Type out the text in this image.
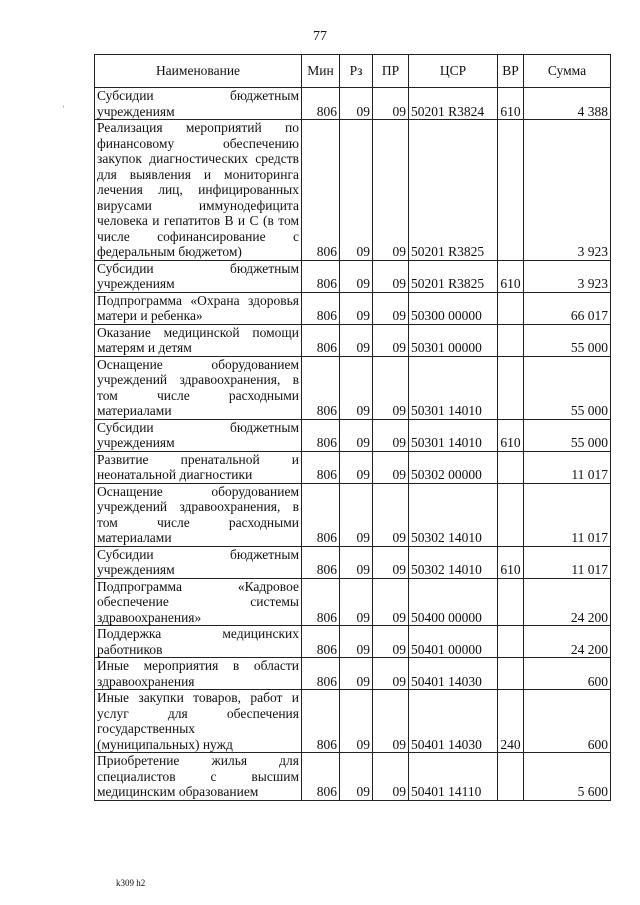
77
˒
Наименование	Мин	Рз	ПР	ЦСР	ВР	Сумма
Субсидии бюджетным учреждениям	806	09	09	50201 R3824	610	4 388
Реализация мероприятий по финансовому обеспечению закупок диагностических средств для выявления и мониторинга лечения лиц, инфицированных вирусами иммунодефицита человека и гепатитов В и С (в том числе софинансирование с федеральным бюджетом)	806	09	09	50201 R3825		3 923
Субсидии бюджетным учреждениям	806	09	09	50201 R3825	610	3 923
Подпрограмма «Охрана здоровья матери и ребенка»	806	09	09	50300 00000		66 017
Оказание медицинской помощи матерям и детям	806	09	09	50301 00000		55 000
Оснащение оборудованием учреждений здравоохранения, в том числе расходными материалами	806	09	09	50301 14010		55 000
Субсидии бюджетным учреждениям	806	09	09	50301 14010	610	55 000
Развитие пренатальной и неонатальной диагностики	806	09	09	50302 00000		11 017
Оснащение оборудованием учреждений здравоохранения, в том числе расходными материалами	806	09	09	50302 14010		11 017
Субсидии бюджетным учреждениям	806	09	09	50302 14010	610	11 017
Подпрограмма «Кадровое обеспечение системы здравоохранения»	806	09	09	50400 00000		24 200
Поддержка медицинских работников	806	09	09	50401 00000		24 200
Иные мероприятия в области здравоохранения	806	09	09	50401 14030		600
Иные закупки товаров, работ и услуг для обеспечения государственных (муниципальных) нужд	806	09	09	50401 14030	240	600
Приобретение жилья для специалистов с высшим медицинским образованием	806	09	09	50401 14110		5 600
k309 h2
